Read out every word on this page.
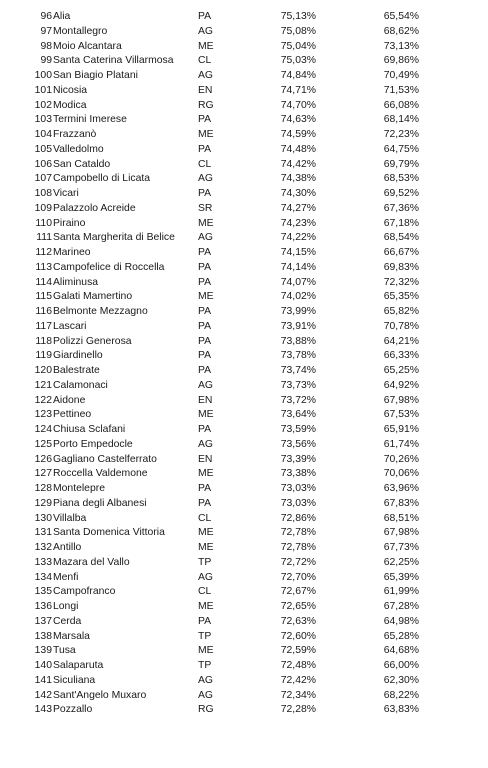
96 Alia	PA	75,13%	65,54%
97 Montallegro	AG	75,08%	68,62%
98 Moio Alcantara	ME	75,04%	73,13%
99 Santa Caterina Villarmosa CL	75,03%	69,86%
100 San Biagio Platani	AG	74,84%	70,49%
101 Nicosia	EN	74,71%	71,53%
102 Modica	RG	74,70%	66,08%
103 Termini Imerese	PA	74,63%	68,14%
104 Frazzanò	ME	74,59%	72,23%
105 Valledolmo	PA	74,48%	64,75%
106 San Cataldo	CL	74,42%	69,79%
107 Campobello di Licata	AG	74,38%	68,53%
108 Vicari	PA	74,30%	69,52%
109 Palazzolo Acreide	SR	74,27%	67,36%
110 Piraino	ME	74,23%	67,18%
111 Santa Margherita di Belice AG	74,22%	68,54%
112 Marineo	PA	74,15%	66,67%
113 Campofelice di Roccella	PA	74,14%	69,83%
114 Aliminusa	PA	74,07%	72,32%
115 Galati Mamertino	ME	74,02%	65,35%
116 Belmonte Mezzagno	PA	73,99%	65,82%
117 Lascari	PA	73,91%	70,78%
118 Polizzi Generosa	PA	73,88%	64,21%
119 Giardinello	PA	73,78%	66,33%
120 Balestrate	PA	73,74%	65,25%
121 Calamonaci	AG	73,73%	64,92%
122 Aidone	EN	73,72%	67,98%
123 Pettineo	ME	73,64%	67,53%
124 Chiusa Sclafani	PA	73,59%	65,91%
125 Porto Empedocle	AG	73,56%	61,74%
126 Gagliano Castelferrato	EN	73,39%	70,26%
127 Roccella Valdemone	ME	73,38%	70,06%
128 Montelepre	PA	73,03%	63,96%
129 Piana degli Albanesi	PA	73,03%	67,83%
130 Villalba	CL	72,86%	68,51%
131 Santa Domenica Vittoria	ME	72,78%	67,98%
132 Antillo	ME	72,78%	67,73%
133 Mazara del Vallo	TP	72,72%	62,25%
134 Menfi	AG	72,70%	65,39%
135 Campofranco	CL	72,67%	61,99%
136 Longi	ME	72,65%	67,28%
137 Cerda	PA	72,63%	64,98%
138 Marsala	TP	72,60%	65,28%
139 Tusa	ME	72,59%	64,68%
140 Salaparuta	TP	72,48%	66,00%
141 Siculiana	AG	72,42%	62,30%
142 Sant'Angelo Muxaro	AG	72,34%	68,22%
143 Pozzallo	RG	72,28%	63,83%
